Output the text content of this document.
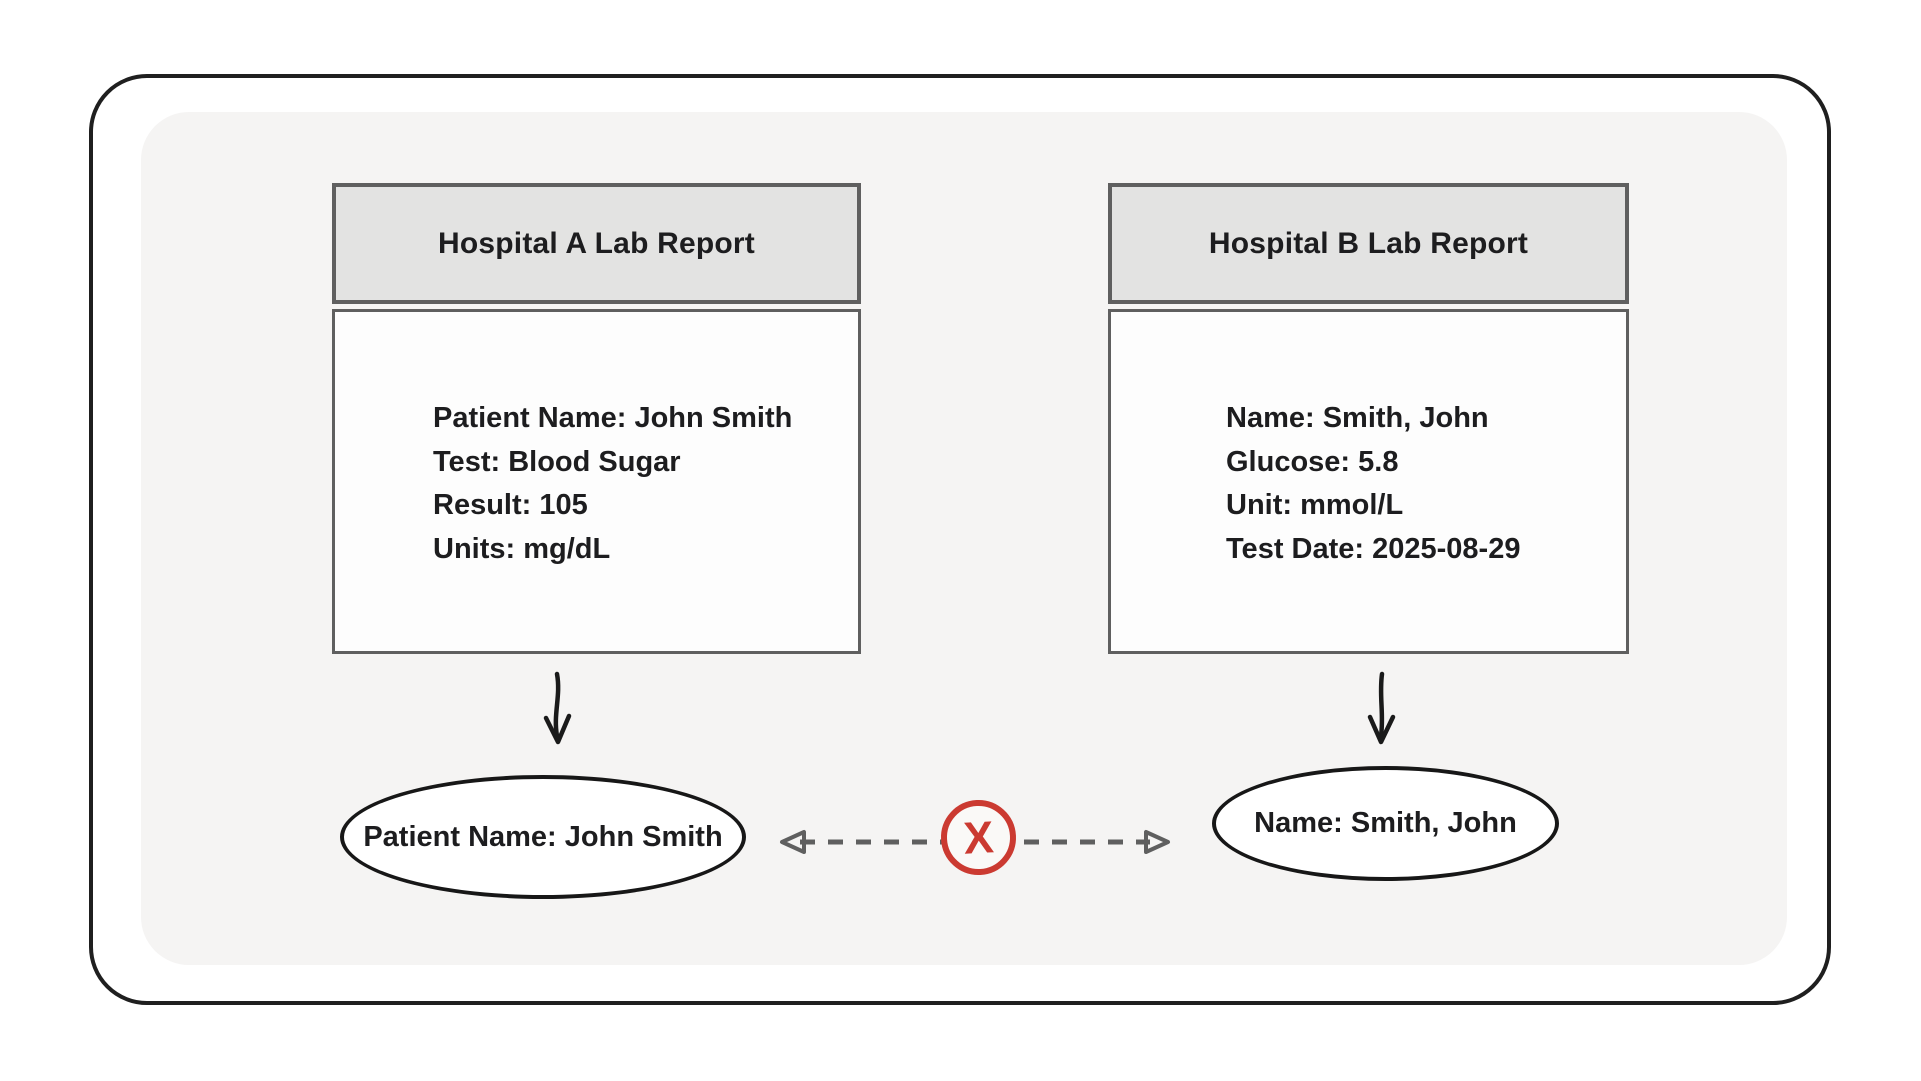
Hospital A Lab Report
Patient Name: John Smith
Test: Blood Sugar
Result: 105
Units: mg/dL
Hospital B Lab Report
Name: Smith, John
Glucose: 5.8
Unit: mmol/L
Test Date: 2025-08-29
Patient Name: John Smith	Name: Smith, John
X
